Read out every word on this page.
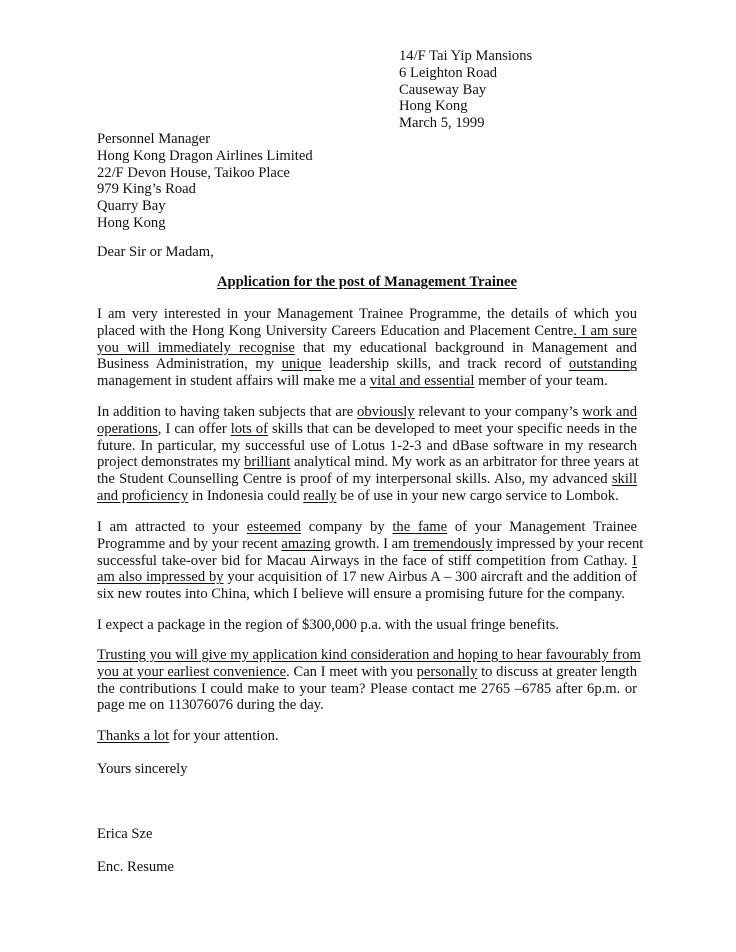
14/F Tai Yip Mansions
6 Leighton Road
Causeway Bay
Hong Kong
March 5, 1999
Personnel Manager
Hong Kong Dragon Airlines Limited
22/F Devon House, Taikoo Place
979 King’s Road
Quarry Bay
Hong Kong
Dear Sir or Madam,
Application for the post of Management Trainee
I am very interested in your Management Trainee Programme, the details of which you
placed with the Hong Kong University Careers Education and Placement Centre. I am sure
you will immediately recognise that my educational background in Management and
Business Administration, my unique leadership skills, and track record of outstanding
management in student affairs will make me a vital and essential member of your team.
In addition to having taken subjects that are obviously relevant to your company’s work and
operations, I can offer lots of skills that can be developed to meet your specific needs in the
future. In particular, my successful use of Lotus 1-2-3 and dBase software in my research
project demonstrates my brilliant analytical mind. My work as an arbitrator for three years at
the Student Counselling Centre is proof of my interpersonal skills. Also, my advanced skill
and proficiency in Indonesia could really be of use in your new cargo service to Lombok.
I am attracted to your esteemed company by the fame of your Management Trainee
Programme and by your recent amazing growth. I am tremendously impressed by your recent
successful take-over bid for Macau Airways in the face of stiff competition from Cathay. I
am also impressed by your acquisition of 17 new Airbus A – 300 aircraft and the addition of
six new routes into China, which I believe will ensure a promising future for the company.
I expect a package in the region of $300,000 p.a. with the usual fringe benefits.
Trusting you will give my application kind consideration and hoping to hear favourably from
you at your earliest convenience. Can I meet with you personally to discuss at greater length
the contributions I could make to your team? Please contact me 2765 –6785 after 6p.m. or
page me on 113076076 during the day.
Thanks a lot for your attention.
Yours sincerely
Erica Sze
Enc. Resume
